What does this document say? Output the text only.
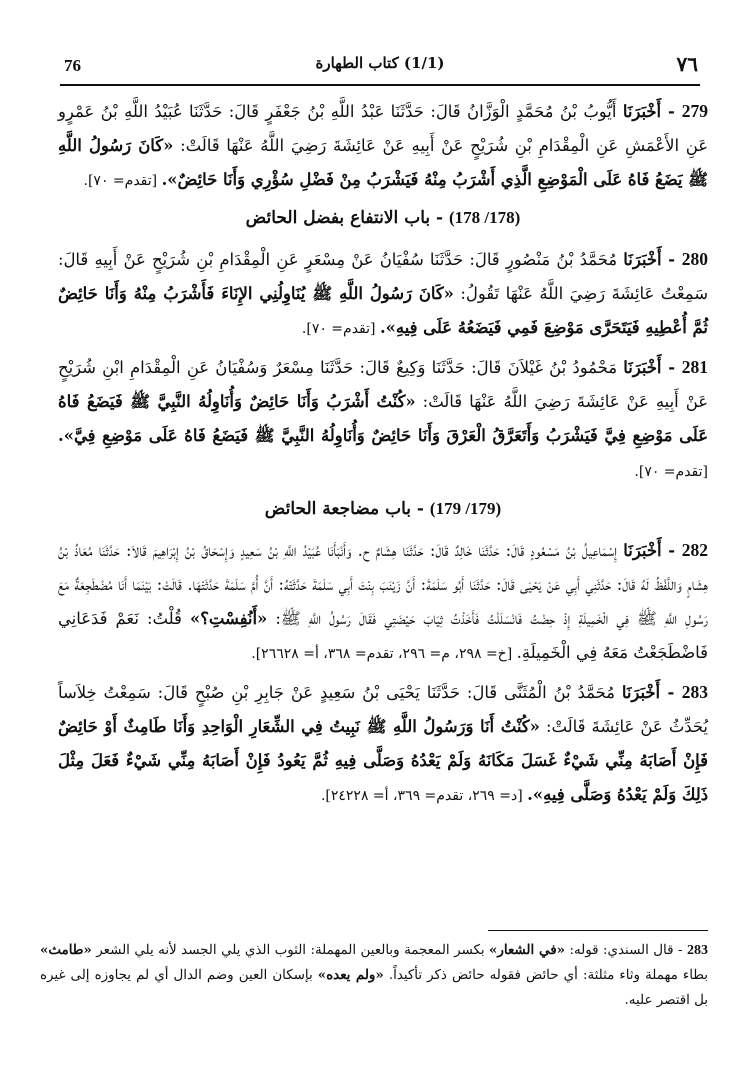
76	(1/1) كتاب الطهارة	٧٦

279 - أَخْبَرَنَا أَيُّوبُ بْنُ مُحَمَّدٍ الْوَزَّانُ قَالَ: حَدَّثَنَا عَبْدُ اللَّهِ بْنُ جَعْفَرٍ قَالَ: حَدَّثَنَا عُبَيْدُ اللَّهِ بْنُ عَمْرٍو عَنِ الأَعْمَشِ عَنِ الْمِقْدَامِ بْنِ شُرَيْحٍ عَنْ أَبِيهِ عَنْ عَائِشَةَ رَضِيَ اللَّهُ عَنْهَا قَالَتْ: «كَانَ رَسُولُ اللَّهِ ﷺ يَضَعُ فَاهُ عَلَى الْمَوْضِعِ الَّذِي أَشْرَبُ مِنْهُ فَيَشْرَبُ مِنْ فَضْلِ سُؤْرِي وَأَنَا حَائِضٌ». [تقدم= ٧٠].

(178/ 178) - باب الانتفاع بفضل الحائض

280 - أَخْبَرَنَا مُحَمَّدُ بْنُ مَنْصُورٍ قَالَ: حَدَّثَنَا سُفْيَانُ عَنْ مِسْعَرٍ عَنِ الْمِقْدَامِ بْنِ شُرَيْحٍ عَنْ أَبِيهِ قَالَ: سَمِعْتُ عَائِشَةَ رَضِيَ اللَّهُ عَنْهَا تَقُولُ: «كَانَ رَسُولُ اللَّهِ ﷺ يُنَاوِلُنِي الإِنَاءَ فَأَشْرَبُ مِنْهُ وَأَنَا حَائِضٌ ثُمَّ أُعْطِيهِ فَيَتَحَرَّى مَوْضِعَ فَمِي فَيَضَعُهُ عَلَى فِيهِ». [تقدم= ٧٠].

281 - أَخْبَرَنَا مَحْمُودُ بْنُ غَيْلاَنَ قَالَ: حَدَّثَنَا وَكِيعٌ قَالَ: حَدَّثَنَا مِسْعَرٌ وَسُفْيَانُ عَنِ الْمِقْدَامِ ابْنِ شُرَيْحٍ عَنْ أَبِيهِ عَنْ عَائِشَةَ رَضِيَ اللَّهُ عَنْهَا قَالَتْ: «كُنْتُ أَشْرَبُ وَأَنَا حَائِضٌ وَأُنَاوِلُهُ النَّبِيَّ ﷺ فَيَضَعُ فَاهُ عَلَى مَوْضِعِ فِيَّ فَيَشْرَبُ وَأَتَعَرَّقُ الْعَرْقَ وَأَنَا حَائِضٌ وَأُنَاوِلُهُ النَّبِيَّ ﷺ فَيَضَعُ فَاهُ عَلَى مَوْضِعِ فِيَّ». [تقدم= ٧٠].

(179/ 179) - باب مضاجعة الحائض

282 - أَخْبَرَنَا إِسْمَاعِيلُ بْنُ مَسْعُودٍ قَالَ: حَدَّثَنَا خَالِدٌ قَالَ: حَدَّثَنَا هِشَامٌ ح. وَأَنْبَأَنَا عُبَيْدُ اللَّهِ بْنُ سَعِيدٍ وَإِسْحَاقُ بْنُ إِبْرَاهِيمَ قَالاَ: حَدَّثَنَا مُعَاذُ بْنُ هِشَامٍ وَاللَّفْظُ لَهُ قَالَ: حَدَّثَنِي أَبِي عَنْ يَحْيَى قَالَ: حَدَّثَنَا أَبُو سَلَمَةَ: أَنَّ زَيْنَبَ بِنْتَ أَبِي سَلَمَةَ حَدَّثَتْهُ: أَنَّ أُمَّ سَلَمَةَ حَدَّثَتْهَا. قَالَتْ: بَيْنَمَا أَنَا مُضْطَجِعَةٌ مَعَ رَسُولِ اللَّهِ ﷺ فِي الْخَمِيلَةِ إِذْ حِضْتُ فَانْسَلَلْتُ فَأَخَذْتُ ثِيَابَ حَيْضَتِي فَقَالَ رَسُولُ اللَّهِ ﷺ: «أَنُفِسْتِ؟» قُلْتُ: نَعَمْ فَدَعَانِي فَاضْطَجَعْتُ مَعَهُ فِي الْخَمِيلَةِ. [خ= ٢٩٨، م= ٢٩٦، تقدم= ٣٦٨، أ= ٢٦٦٢٨].

283 - أَخْبَرَنَا مُحَمَّدُ بْنُ الْمُثَنَّى قَالَ: حَدَّثَنَا يَحْيَى بْنُ سَعِيدٍ عَنْ جَابِرِ بْنِ صُبْحٍ قَالَ: سَمِعْتُ خِلاَساً يُحَدِّثُ عَنْ عَائِشَةَ قَالَتْ: «كُنْتُ أَنَا وَرَسُولُ اللَّهِ ﷺ نَبِيتُ فِي الشِّعَارِ الْوَاحِدِ وَأَنَا طَامِثٌ أَوْ حَائِضٌ فَإِنْ أَصَابَهُ مِنِّي شَيْءٌ غَسَلَ مَكَانَهُ وَلَمْ يَعْدُهُ وَصَلَّى فِيهِ ثُمَّ يَعُودُ فَإِنْ أَصَابَهُ مِنِّي شَيْءٌ فَعَلَ مِثْلَ ذَلِكَ وَلَمْ يَعْدُهُ وَصَلَّى فِيهِ». [د= ٢٦٩، تقدم= ٣٦٩، أ= ٢٤٢٢٨].

283 - قال السندي: قوله: «في الشعار» بكسر المعجمة وبالعين المهملة: الثوب الذي يلي الجسد لأنه يلي الشعر «طامث» بطاء مهملة وثاء مثلثة: أي حائض فقوله حائض ذكر تأكيداً. «ولم يعده» بإسكان العين وضم الدال أي لم يجاوزه إلى غيره بل اقتصر عليه.
